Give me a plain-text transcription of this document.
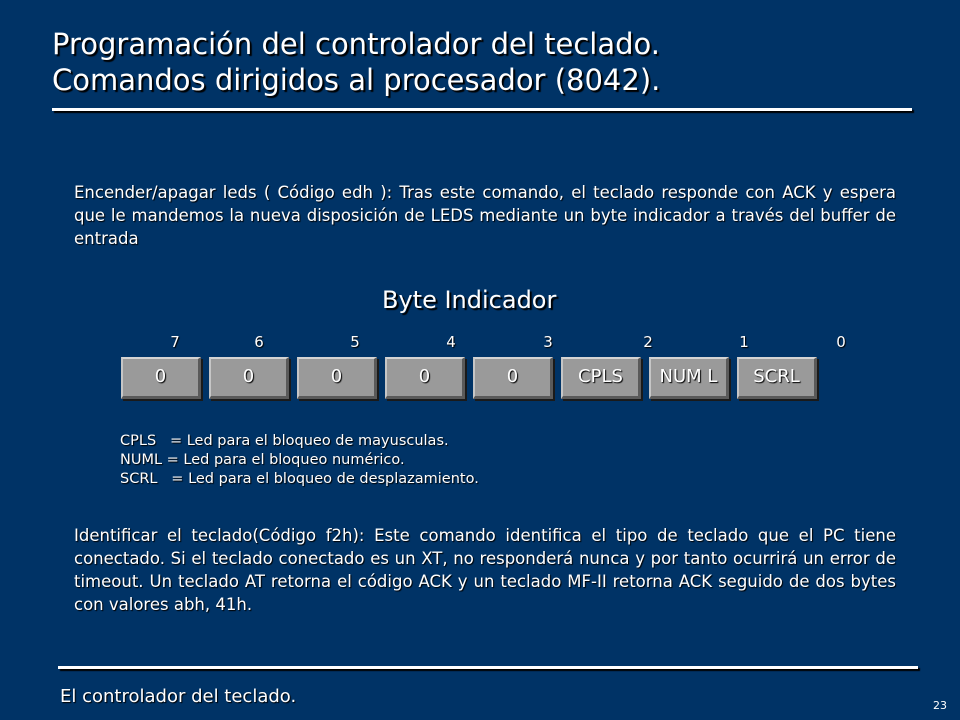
Programación del controlador del teclado.
Comandos dirigidos al procesador (8042).
Encender/apagar leds ( Código edh ): Tras este comando, el teclado responde con ACK y espera que le mandemos la nueva disposición de LEDS mediante un byte indicador a través del buffer de entrada
Byte Indicador
7	6	5	4	3	2	1	0
0	0	0	0	0	CPLS	NUM L	SCRL
CPLS   = Led para el bloqueo de mayusculas.
NUML = Led para el bloqueo numérico.
SCRL   = Led para el bloqueo de desplazamiento.
Identificar el teclado(Código f2h): Este comando identifica el tipo de teclado que el PC tiene conectado. Si el teclado conectado es un XT, no responderá nunca y por tanto ocurrirá un error de timeout. Un teclado AT retorna el código ACK y un teclado MF-II retorna ACK seguido de dos bytes con valores abh, 41h.
El controlador del teclado.	23
